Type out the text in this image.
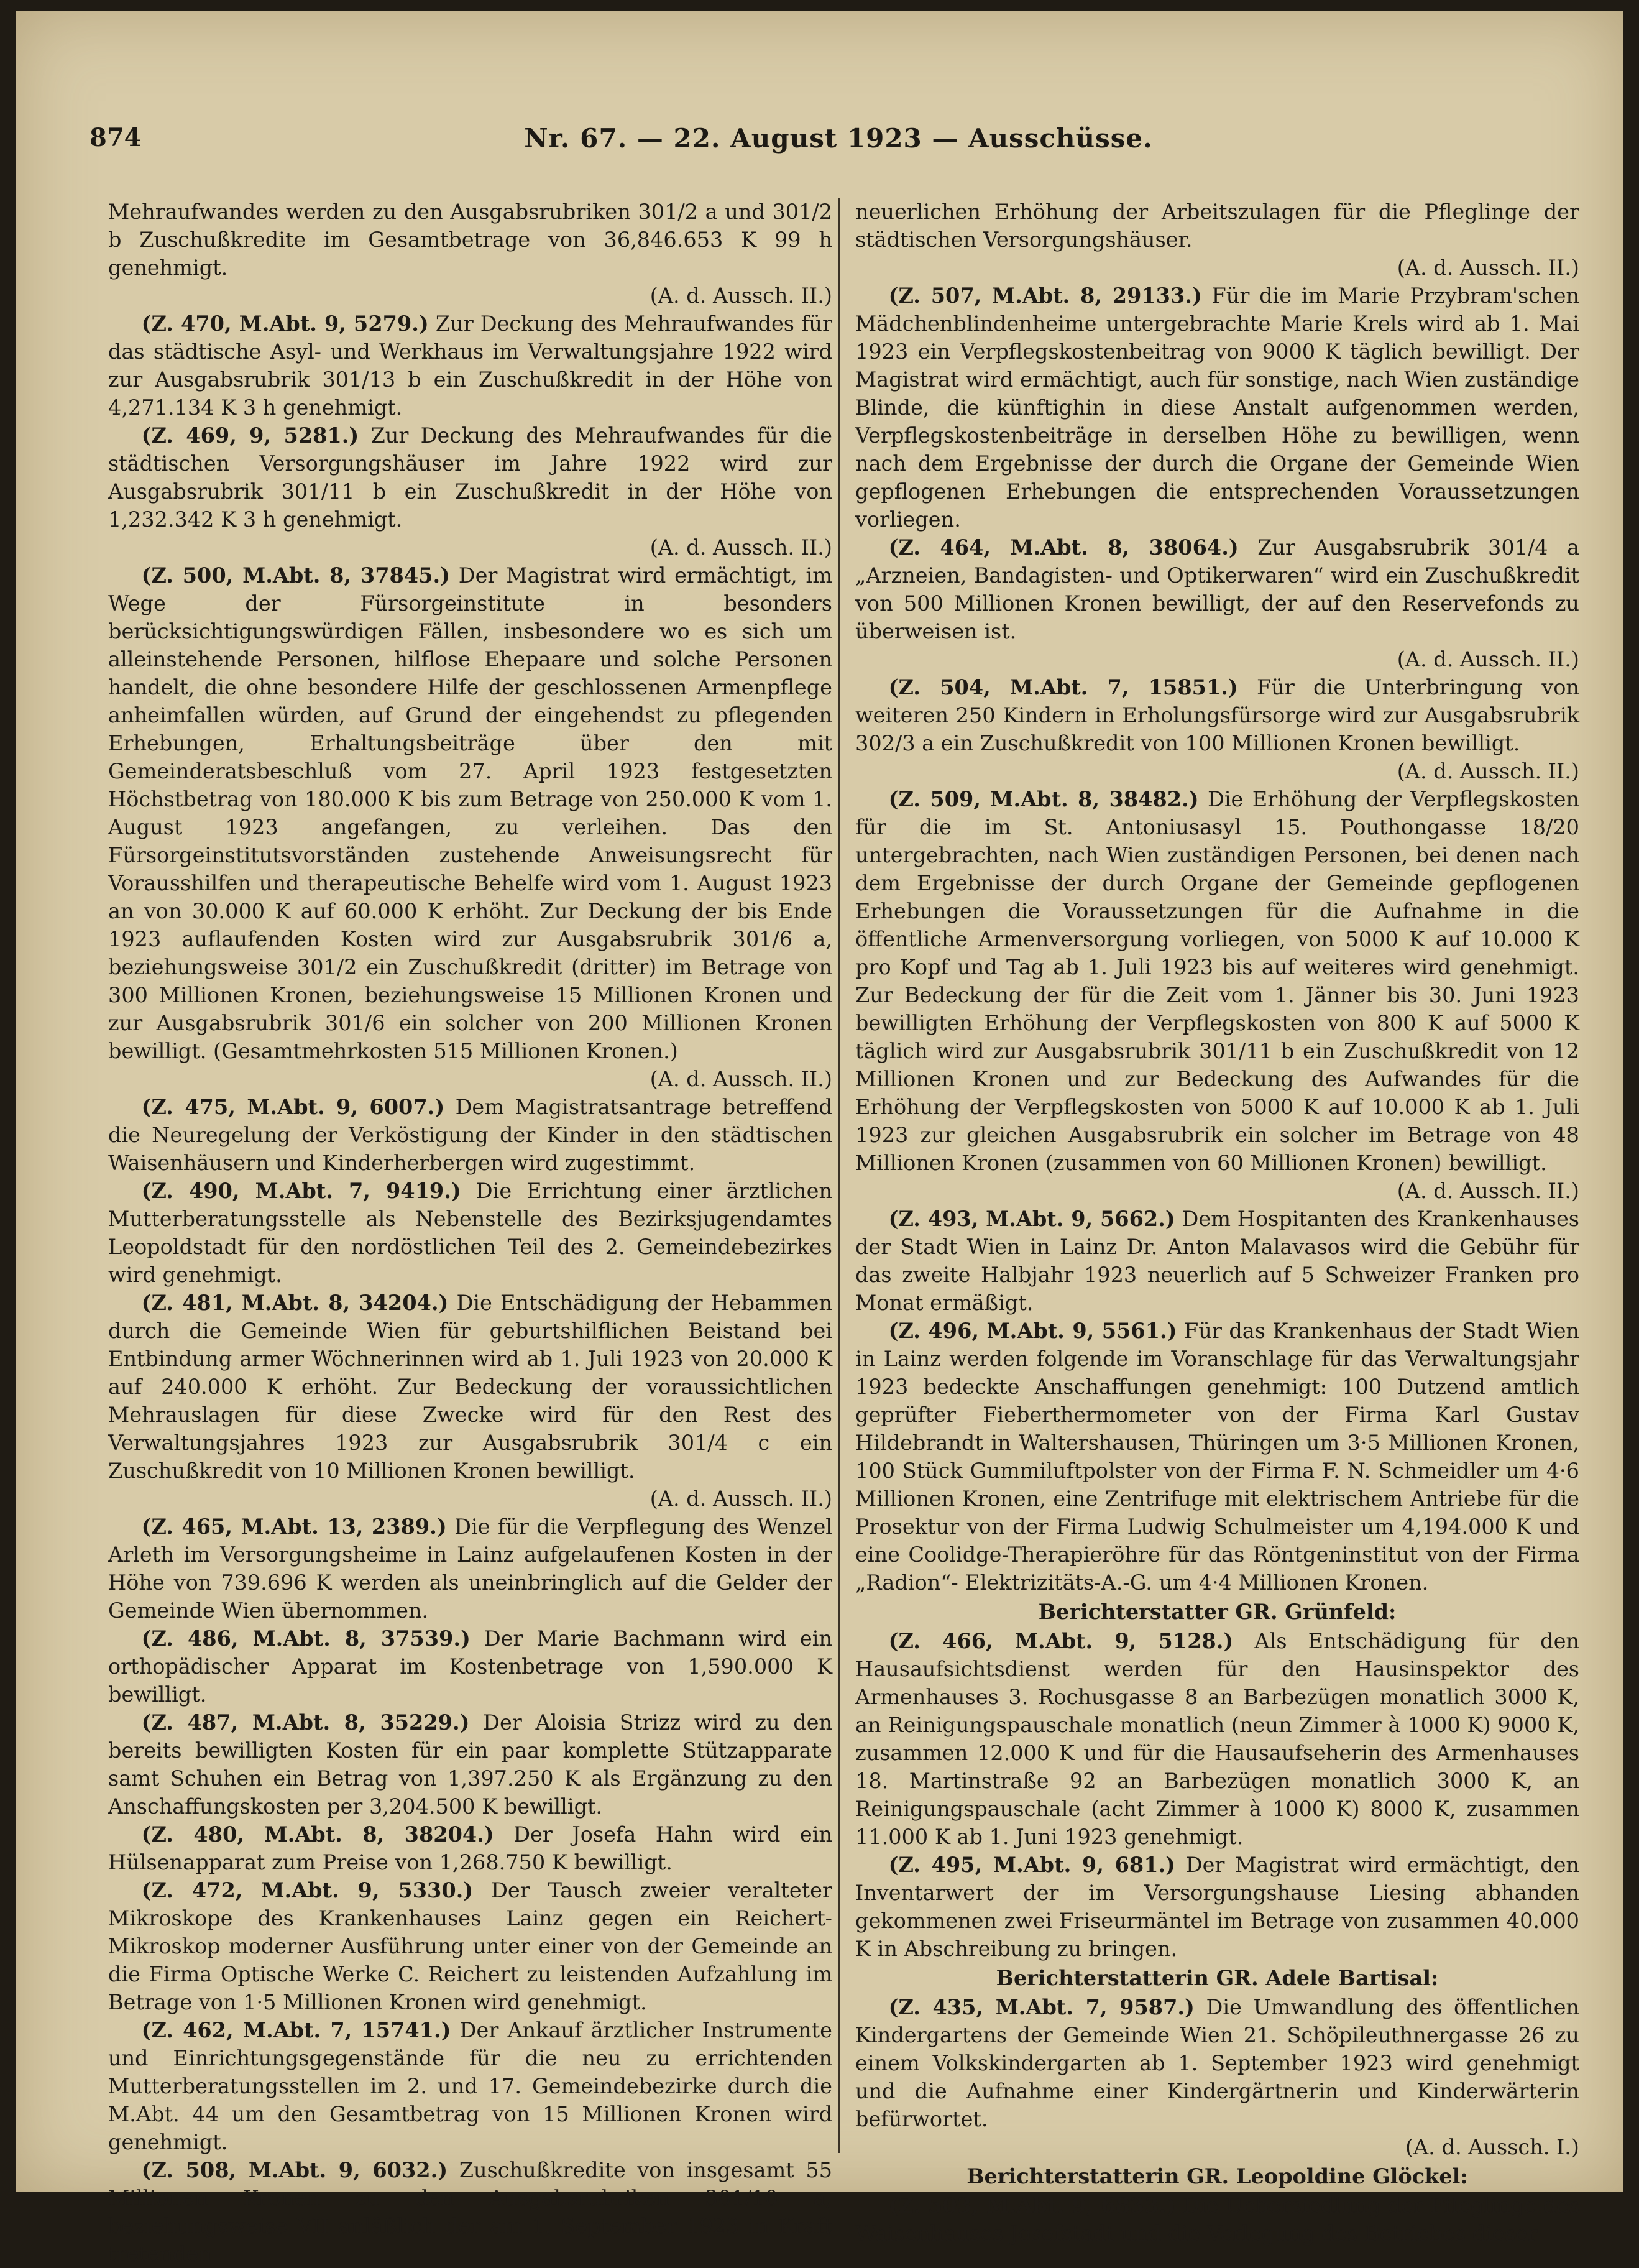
874	Nr. 67. — 22. August 1923 — Ausschüsse.

Mehraufwandes werden zu den Ausgabsrubriken 301/2 a und 301/2 b Zuschußkredite im Gesamtbetrage von 36,846.653 K 99 h genehmigt.
(A. d. Aussch. II.)

(Z. 470, M.Abt. 9, 5279.) Zur Deckung des Mehraufwandes für das städtische Asyl- und Werkhaus im Verwaltungsjahre 1922 wird zur Ausgabsrubrik 301/13 b ein Zuschußkredit in der Höhe von 4,271.134 K 3 h genehmigt.

(Z. 469, 9, 5281.) Zur Deckung des Mehraufwandes für die städtischen Versorgungshäuser im Jahre 1922 wird zur Ausgabsrubrik 301/11 b ein Zuschußkredit in der Höhe von 1,232.342 K 3 h genehmigt.
(A. d. Aussch. II.)

(Z. 500, M.Abt. 8, 37845.) Der Magistrat wird ermächtigt, im Wege der Fürsorgeinstitute in besonders berücksichtigungswürdigen Fällen, insbesondere wo es sich um alleinstehende Personen, hilflose Ehepaare und solche Personen handelt, die ohne besondere Hilfe der geschlossenen Armenpflege anheimfallen würden, auf Grund der eingehendst zu pflegenden Erhebungen, Erhaltungsbeiträge über den mit Gemeinderatsbeschluß vom 27. April 1923 festgesetzten Höchstbetrag von 180.000 K bis zum Betrage von 250.000 K vom 1. August 1923 angefangen, zu verleihen. Das den Fürsorgeinstitutsvorständen zustehende Anweisungsrecht für Vorausshilfen und therapeutische Behelfe wird vom 1. August 1923 an von 30.000 K auf 60.000 K erhöht. Zur Deckung der bis Ende 1923 auflaufenden Kosten wird zur Ausgabsrubrik 301/6 a, beziehungsweise 301/2 ein Zuschußkredit (dritter) im Betrage von 300 Millionen Kronen, beziehungsweise 15 Millionen Kronen und zur Ausgabsrubrik 301/6 ein solcher von 200 Millionen Kronen bewilligt. (Gesamtmehrkosten 515 Millionen Kronen.)
(A. d. Aussch. II.)

(Z. 475, M.Abt. 9, 6007.) Dem Magistratsantrage betreffend die Neuregelung der Verköstigung der Kinder in den städtischen Waisenhäusern und Kinderherbergen wird zugestimmt.

(Z. 490, M.Abt. 7, 9419.) Die Errichtung einer ärztlichen Mutterberatungsstelle als Nebenstelle des Bezirksjugendamtes Leopoldstadt für den nordöstlichen Teil des 2. Gemeindebezirkes wird genehmigt.

(Z. 481, M.Abt. 8, 34204.) Die Entschädigung der Hebammen durch die Gemeinde Wien für geburtshilflichen Beistand bei Entbindung armer Wöchnerinnen wird ab 1. Juli 1923 von 20.000 K auf 240.000 K erhöht. Zur Bedeckung der voraussichtlichen Mehrauslagen für diese Zwecke wird für den Rest des Verwaltungsjahres 1923 zur Ausgabsrubrik 301/4 c ein Zuschußkredit von 10 Millionen Kronen bewilligt.
(A. d. Aussch. II.)

(Z. 465, M.Abt. 13, 2389.) Die für die Verpflegung des Wenzel Arleth im Versorgungsheime in Lainz aufgelaufenen Kosten in der Höhe von 739.696 K werden als uneinbringlich auf die Gelder der Gemeinde Wien übernommen.

(Z. 486, M.Abt. 8, 37539.) Der Marie Bachmann wird ein orthopädischer Apparat im Kostenbetrage von 1,590.000 K bewilligt.

(Z. 487, M.Abt. 8, 35229.) Der Aloisia Strizz wird zu den bereits bewilligten Kosten für ein paar komplette Stützapparate samt Schuhen ein Betrag von 1,397.250 K als Ergänzung zu den Anschaffungskosten per 3,204.500 K bewilligt.

(Z. 480, M.Abt. 8, 38204.) Der Josefa Hahn wird ein Hülsenapparat zum Preise von 1,268.750 K bewilligt.

(Z. 472, M.Abt. 9, 5330.) Der Tausch zweier veralteter Mikroskope des Krankenhauses Lainz gegen ein Reichert-Mikroskop moderner Ausführung unter einer von der Gemeinde an die Firma Optische Werke C. Reichert zu leistenden Aufzahlung im Betrage von 1·5 Millionen Kronen wird genehmigt.

(Z. 462, M.Abt. 7, 15741.) Der Ankauf ärztlicher Instrumente und Einrichtungsgegenstände für die neu zu errichtenden Mutterberatungsstellen im 2. und 17. Gemeindebezirke durch die M.Abt. 44 um den Gesamtbetrag von 15 Millionen Kronen wird genehmigt.

(Z. 508, M.Abt. 9, 6032.) Zuschußkredite von insgesamt 55 Millionen Kronen zu den Ausgabsrubriken 301/10 a, beziehungsweise VII anläßlich der am 1. September 1923 in Kraft tretenden

neuerlichen Erhöhung der Arbeitszulagen für die Pfleglinge der städtischen Versorgungshäuser.
(A. d. Aussch. II.)

(Z. 507, M.Abt. 8, 29133.) Für die im Marie Przybram'schen Mädchenblindenheime untergebrachte Marie Krels wird ab 1. Mai 1923 ein Verpflegskostenbeitrag von 9000 K täglich bewilligt. Der Magistrat wird ermächtigt, auch für sonstige, nach Wien zuständige Blinde, die künftighin in diese Anstalt aufgenommen werden, Verpflegskostenbeiträge in derselben Höhe zu bewilligen, wenn nach dem Ergebnisse der durch die Organe der Gemeinde Wien gepflogenen Erhebungen die entsprechenden Voraussetzungen vorliegen.

(Z. 464, M.Abt. 8, 38064.) Zur Ausgabsrubrik 301/4 a „Arzneien, Bandagisten- und Optikerwaren“ wird ein Zuschußkredit von 500 Millionen Kronen bewilligt, der auf den Reservefonds zu überweisen ist.
(A. d. Aussch. II.)

(Z. 504, M.Abt. 7, 15851.) Für die Unterbringung von weiteren 250 Kindern in Erholungsfürsorge wird zur Ausgabsrubrik 302/3 a ein Zuschußkredit von 100 Millionen Kronen bewilligt.
(A. d. Aussch. II.)

(Z. 509, M.Abt. 8, 38482.) Die Erhöhung der Verpflegskosten für die im St. Antoniusasyl 15. Pouthongasse 18/20 untergebrachten, nach Wien zuständigen Personen, bei denen nach dem Ergebnisse der durch Organe der Gemeinde gepflogenen Erhebungen die Voraussetzungen für die Aufnahme in die öffentliche Armenversorgung vorliegen, von 5000 K auf 10.000 K pro Kopf und Tag ab 1. Juli 1923 bis auf weiteres wird genehmigt. Zur Bedeckung der für die Zeit vom 1. Jänner bis 30. Juni 1923 bewilligten Erhöhung der Verpflegskosten von 800 K auf 5000 K täglich wird zur Ausgabsrubrik 301/11 b ein Zuschußkredit von 12 Millionen Kronen und zur Bedeckung des Aufwandes für die Erhöhung der Verpflegskosten von 5000 K auf 10.000 K ab 1. Juli 1923 zur gleichen Ausgabsrubrik ein solcher im Betrage von 48 Millionen Kronen (zusammen von 60 Millionen Kronen) bewilligt.
(A. d. Aussch. II.)

(Z. 493, M.Abt. 9, 5662.) Dem Hospitanten des Krankenhauses der Stadt Wien in Lainz Dr. Anton Malavasos wird die Gebühr für das zweite Halbjahr 1923 neuerlich auf 5 Schweizer Franken pro Monat ermäßigt.

(Z. 496, M.Abt. 9, 5561.) Für das Krankenhaus der Stadt Wien in Lainz werden folgende im Voranschlage für das Verwaltungsjahr 1923 bedeckte Anschaffungen genehmigt: 100 Dutzend amtlich geprüfter Fieberthermometer von der Firma Karl Gustav Hildebrandt in Waltershausen, Thüringen um 3·5 Millionen Kronen, 100 Stück Gummiluftpolster von der Firma F. N. Schmeidler um 4·6 Millionen Kronen, eine Zentrifuge mit elektrischem Antriebe für die Prosektur von der Firma Ludwig Schulmeister um 4,194.000 K und eine Coolidge-Therapieröhre für das Röntgeninstitut von der Firma „Radion“- Elektrizitäts-A.-G. um 4·4 Millionen Kronen.

Berichterstatter GR. Grünfeld:

(Z. 466, M.Abt. 9, 5128.) Als Entschädigung für den Hausaufsichtsdienst werden für den Hausinspektor des Armenhauses 3. Rochusgasse 8 an Barbezügen monatlich 3000 K, an Reinigungspauschale monatlich (neun Zimmer à 1000 K) 9000 K, zusammen 12.000 K und für die Hausaufseherin des Armenhauses 18. Martinstraße 92 an Barbezügen monatlich 3000 K, an Reinigungspauschale (acht Zimmer à 1000 K) 8000 K, zusammen 11.000 K ab 1. Juni 1923 genehmigt.

(Z. 495, M.Abt. 9, 681.) Der Magistrat wird ermächtigt, den Inventarwert der im Versorgungshause Liesing abhanden gekommenen zwei Friseurmäntel im Betrage von zusammen 40.000 K in Abschreibung zu bringen.

Berichterstatterin GR. Adele Bartisal:

(Z. 435, M.Abt. 7, 9587.) Die Umwandlung des öffentlichen Kindergartens der Gemeinde Wien 21. Schöpileuthnergasse 26 zu einem Volkskindergarten ab 1. September 1923 wird genehmigt und die Aufnahme einer Kindergärtnerin und Kinderwärterin befürwortet.
(A. d. Aussch. I.)

Berichterstatterin GR. Leopoldine Glöckel:

(Z. 503, M.Abt. 9, 6833.) Die Uebersiedlung der Pfleglinge des Waisenhauses Josefstadt und die Verlegung des Betriebes dieser
